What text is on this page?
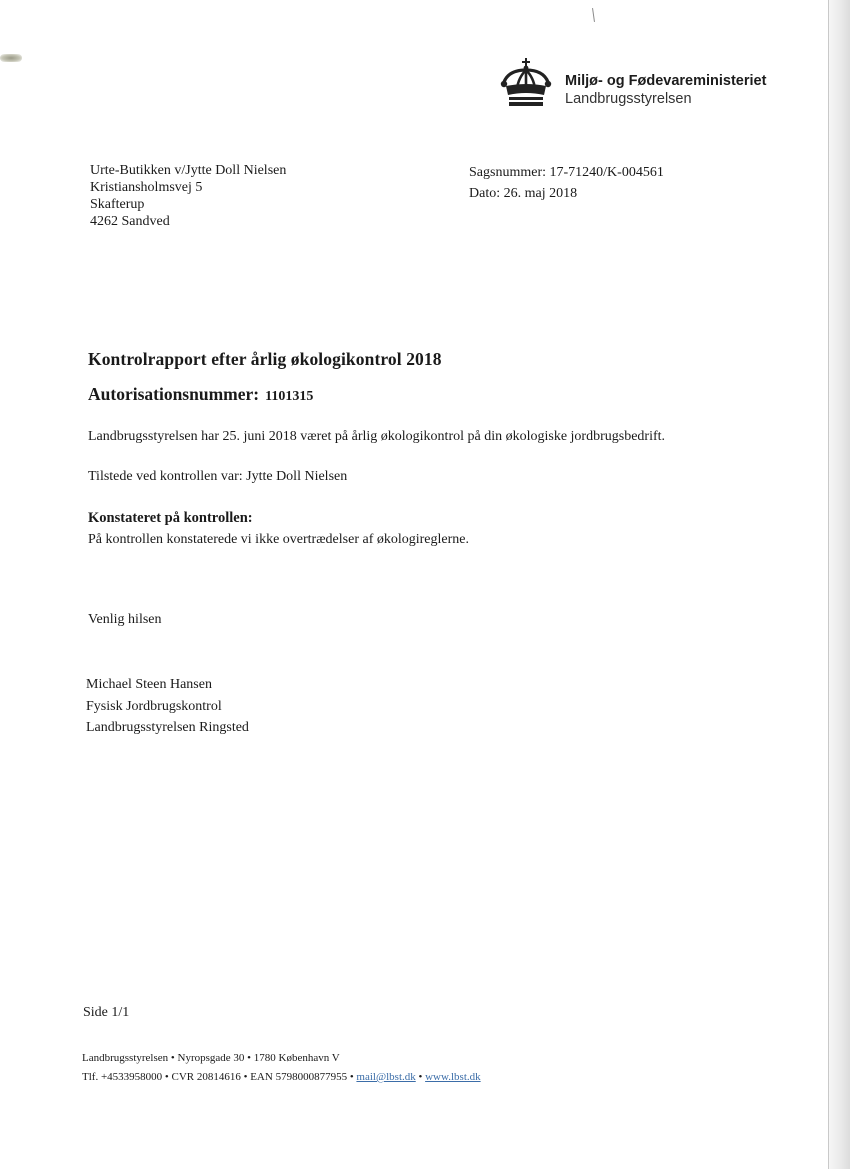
Miljø- og Fødevareministeriet
Landbrugsstyrelsen
Urte-Butikken v/Jytte Doll Nielsen
Kristiansholmsvej 5
Skafterup
4262 Sandved
Sagsnummer: 17-71240/K-004561
Dato: 26. maj 2018
Kontrolrapport efter årlig økologikontrol 2018
Autorisationsnummer: 1101315
Landbrugsstyrelsen har 25. juni 2018 været på årlig økologikontrol på din økologiske jordbrugsbedrift.
Tilstede ved kontrollen var: Jytte Doll Nielsen
Konstateret på kontrollen:
På kontrollen konstaterede vi ikke overtrædelser af økologireglerne.
Venlig hilsen
Michael Steen Hansen
Fysisk Jordbrugskontrol
Landbrugsstyrelsen Ringsted
Side 1/1
Landbrugsstyrelsen • Nyropsgade 30 • 1780 København V
Tlf. +4533958000 • CVR 20814616 • EAN 5798000877955 • mail@lbst.dk • www.lbst.dk
